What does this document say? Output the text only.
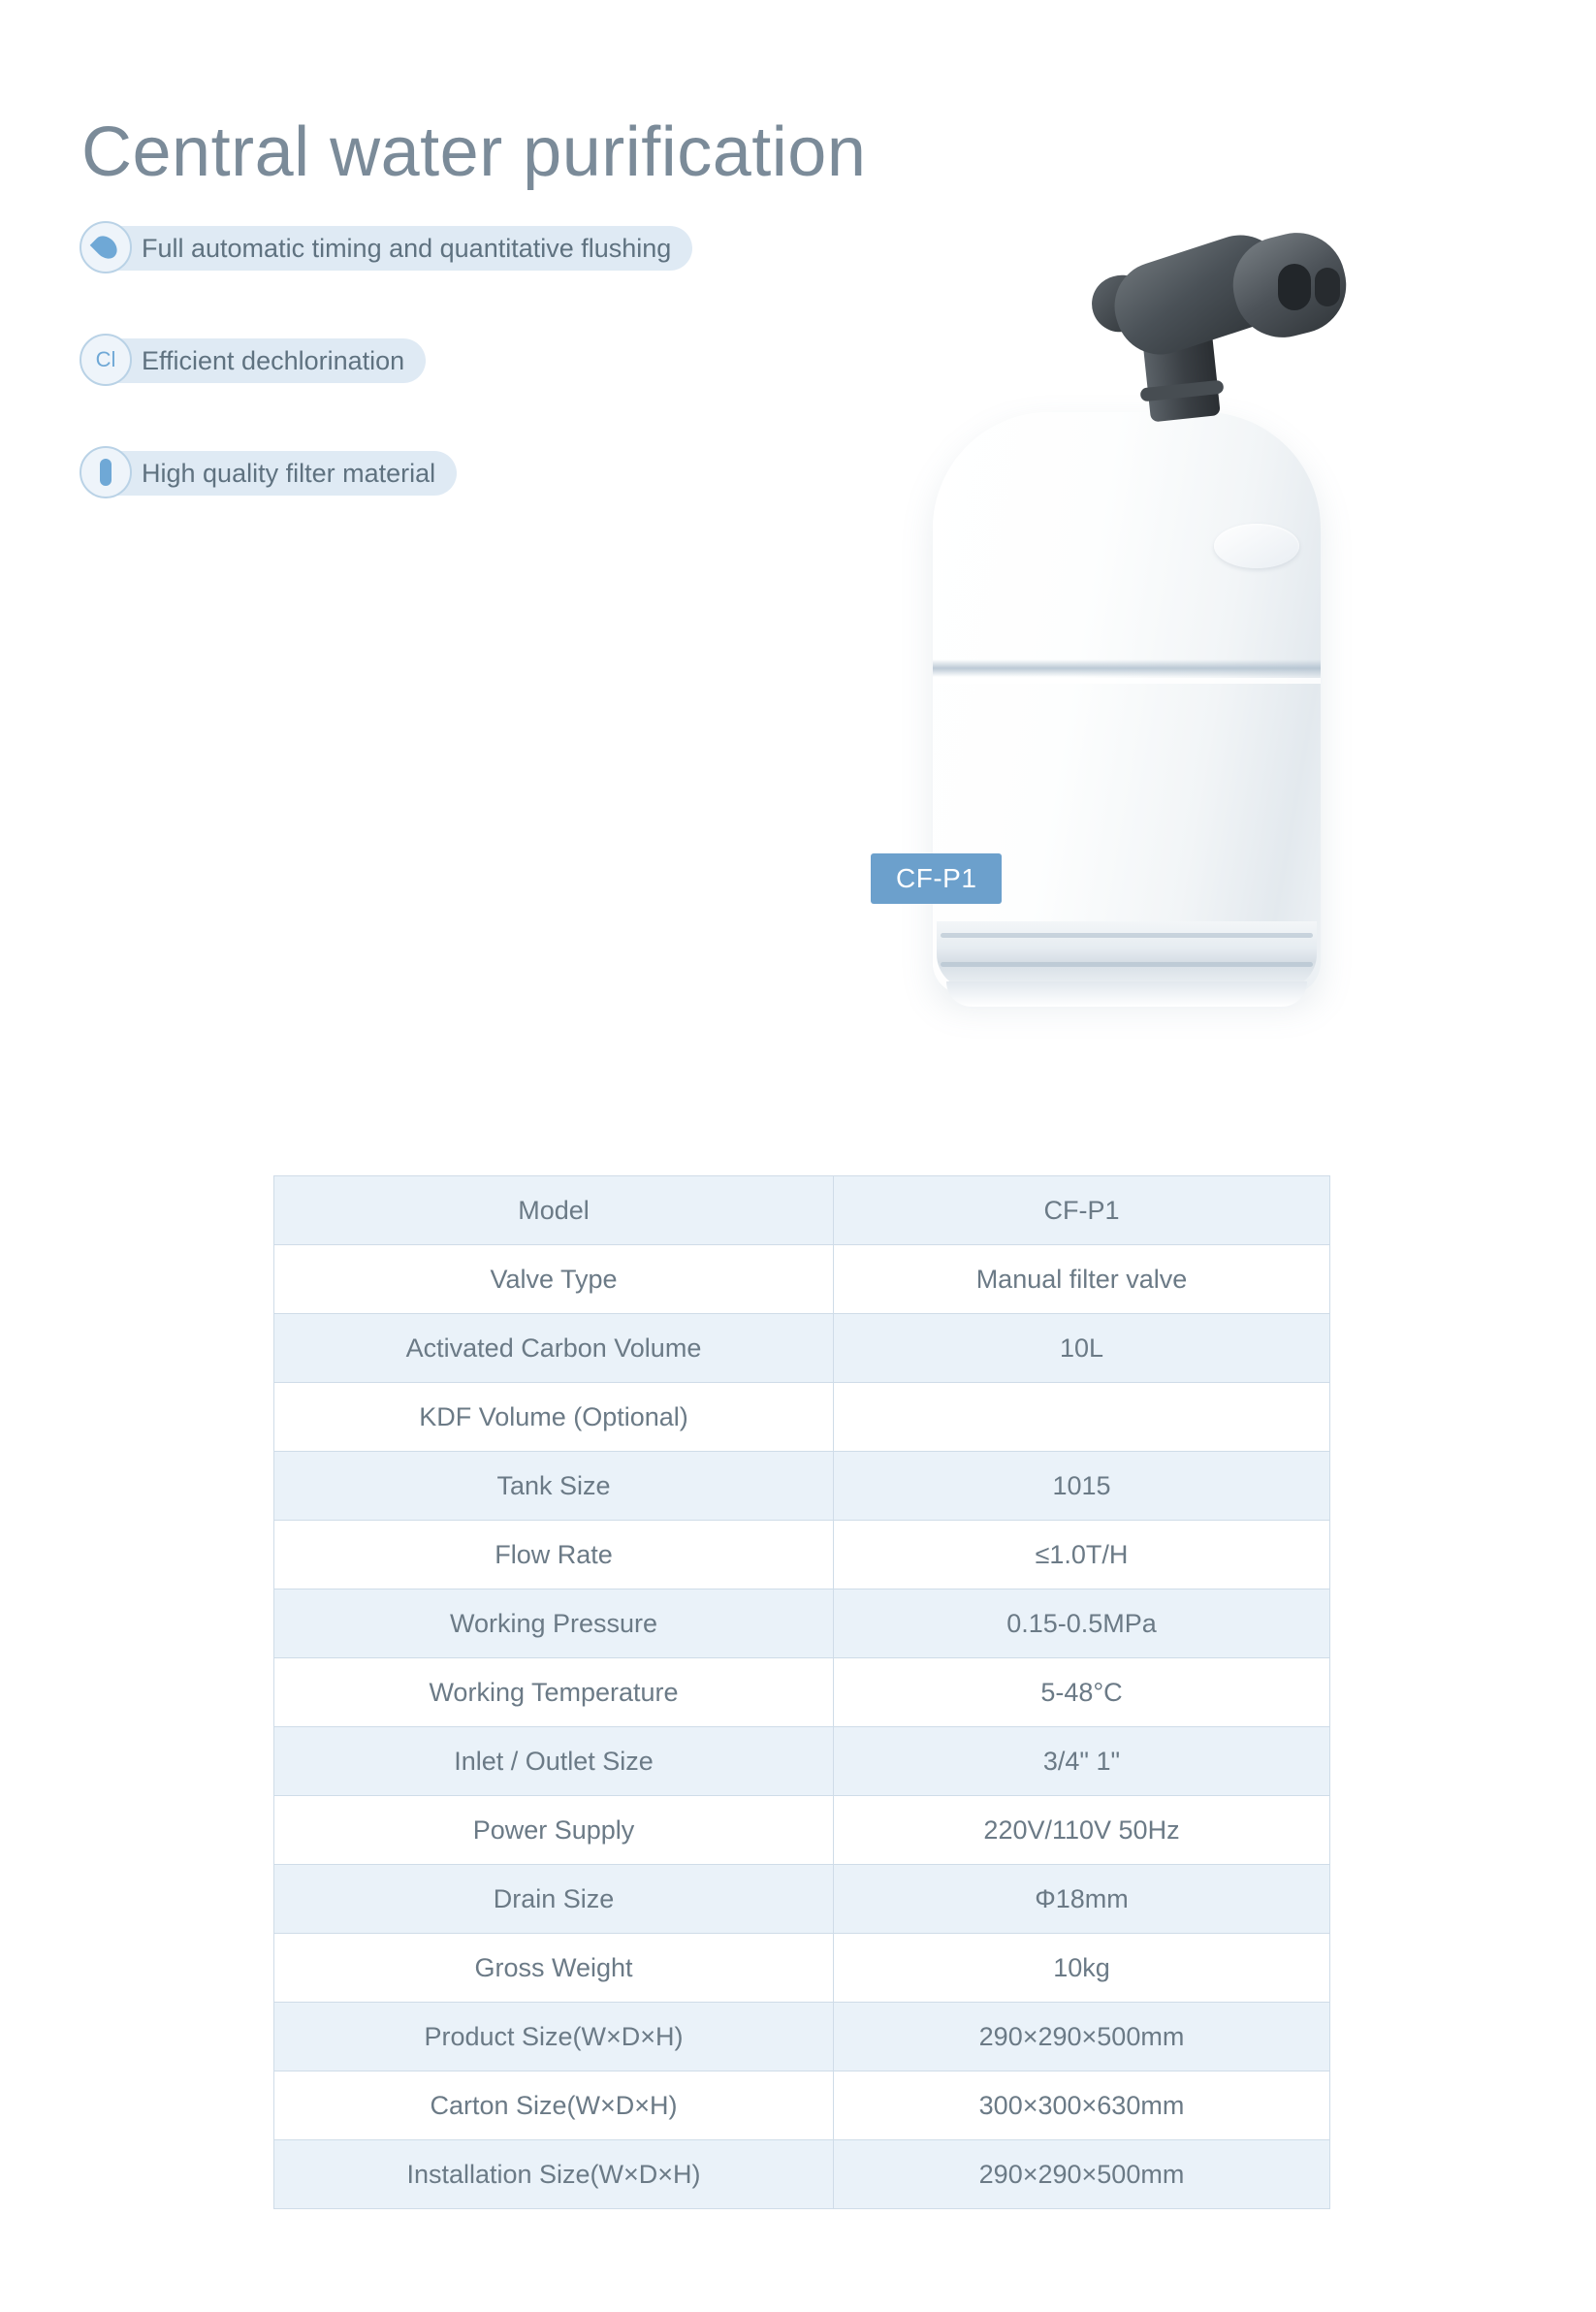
Central water purification
Full automatic timing and quantitative flushing
Cl Efficient dechlorination
High quality filter material
CF-P1
Model	CF-P1
Valve Type	Manual filter valve
Activated Carbon Volume	10L
KDF Volume (Optional)	
Tank Size	1015
Flow Rate	≤1.0T/H
Working Pressure	0.15-0.5MPa
Working Temperature	5-48°C
Inlet / Outlet Size	3/4" 1"
Power Supply	220V/110V 50Hz
Drain Size	Φ18mm
Gross Weight	10kg
Product Size(W×D×H)	290×290×500mm
Carton Size(W×D×H)	300×300×630mm
Installation Size(W×D×H)	290×290×500mm
